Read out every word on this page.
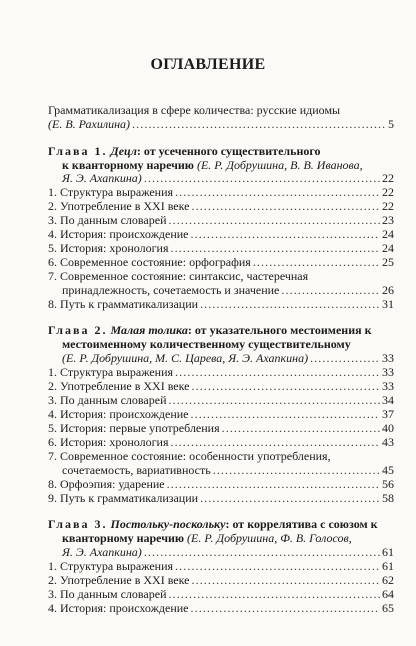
ОГЛАВЛЕНИЕ
Грамматикализация в сфере количества: русские идиомы
(Е. В. Рахилина) .....	5
Глава 1. Децл: от усеченного существительного
к кванторному наречию (Е. Р. Добрушина, В. В. Иванова,
Я. Э. Ахапкина) .....	22
1. Структура выражения .....	22
2. Употребление в XXI веке .....	22
3. По данным словарей .....	23
4. История: происхождение .....	24
5. История: хронология .....	24
6. Современное состояние: орфография .....	25
7. Современное состояние: синтаксис, частеречная
принадлежность, сочетаемость и значение .....	26
8. Путь к грамматикализации .....	31
Глава 2. Малая толика: от указательного местоимения к
местоименному количественному существительному
(Е. Р. Добрушина, М. С. Царева, Я. Э. Ахапкина) .....	33
1. Структура выражения .....	33
2. Употребление в XXI веке .....	33
3. По данным словарей .....	34
4. История: происхождение .....	37
5. История: первые употребления .....	40
6. История: хронология .....	43
7. Современное состояние: особенности употребления,
сочетаемость, вариативность .....	45
8. Орфоэпия: ударение .....	56
9. Путь к грамматикализации .....	58
Глава 3. Постольку-поскольку: от коррелятива с союзом к
кванторному наречию (Е. Р. Добрушина, Ф. В. Голосов,
Я. Э. Ахапкина) .....	61
1. Структура выражения .....	61
2. Употребление в XXI веке .....	62
3. По данным словарей .....	64
4. История: происхождение .....	65
